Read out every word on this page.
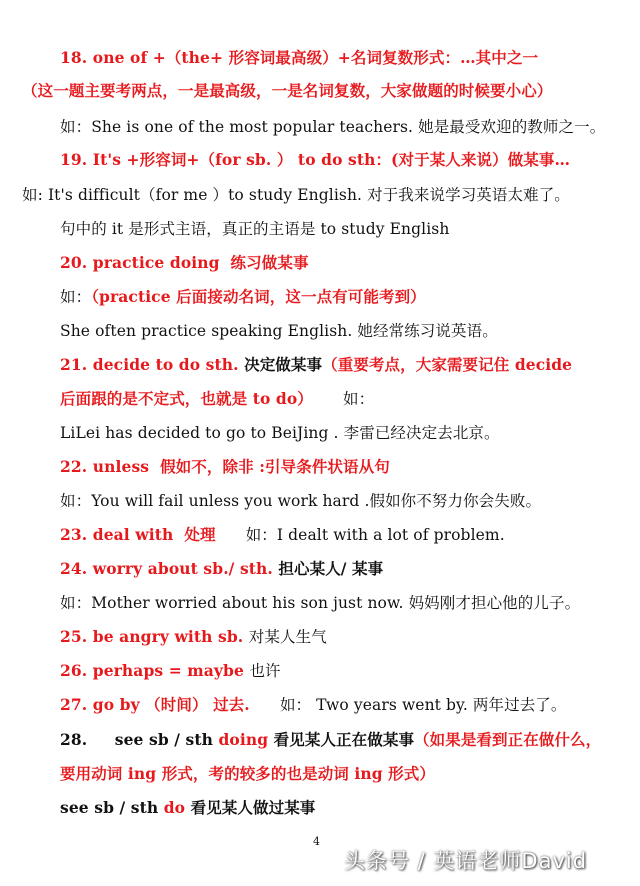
18. one of +（the+ 形容词最高级）+名词复数形式：…其中之一
（这一题主要考两点，一是最高级，一是名词复数，大家做题的时候要小心）
如：She is one of the most popular teachers. 她是最受欢迎的教师之一。
19. It's +形容词+（for sb. ） to do sth：(对于某人来说）做某事…
如: It's difficult（for me ）to study English. 对于我来说学习英语太难了。
句中的 it 是形式主语，真正的主语是 to study English
20. practice doing  练习做某事
如：（practice 后面接动名词，这一点有可能考到）
She often practice speaking English. 她经常练习说英语。
21. decide to do sth. 决定做某事（重要考点，大家需要记住 decide
后面跟的是不定式，也就是 to do）      如：
LiLei has decided to go to BeiJing . 李雷已经决定去北京。
22. unless  假如不，除非 :引导条件状语从句
如：You will fail unless you work hard .假如你不努力你会失败。
23. deal with  处理      如：I dealt with a lot of problem.
24. worry about sb./ sth. 担心某人/ 某事
如：Mother worried about his son just now. 妈妈刚才担心他的儿子。
25. be angry with sb. 对某人生气
26. perhaps = maybe 也许
27. go by （时间） 过去.      如： Two years went by. 两年过去了。
28.     see sb / sth doing 看见某人正在做某事（如果是看到正在做什么，
要用动词 ing 形式，考的较多的也是动词 ing 形式）
see sb / sth do 看见某人做过某事
4
头条号 / 英语老师David
